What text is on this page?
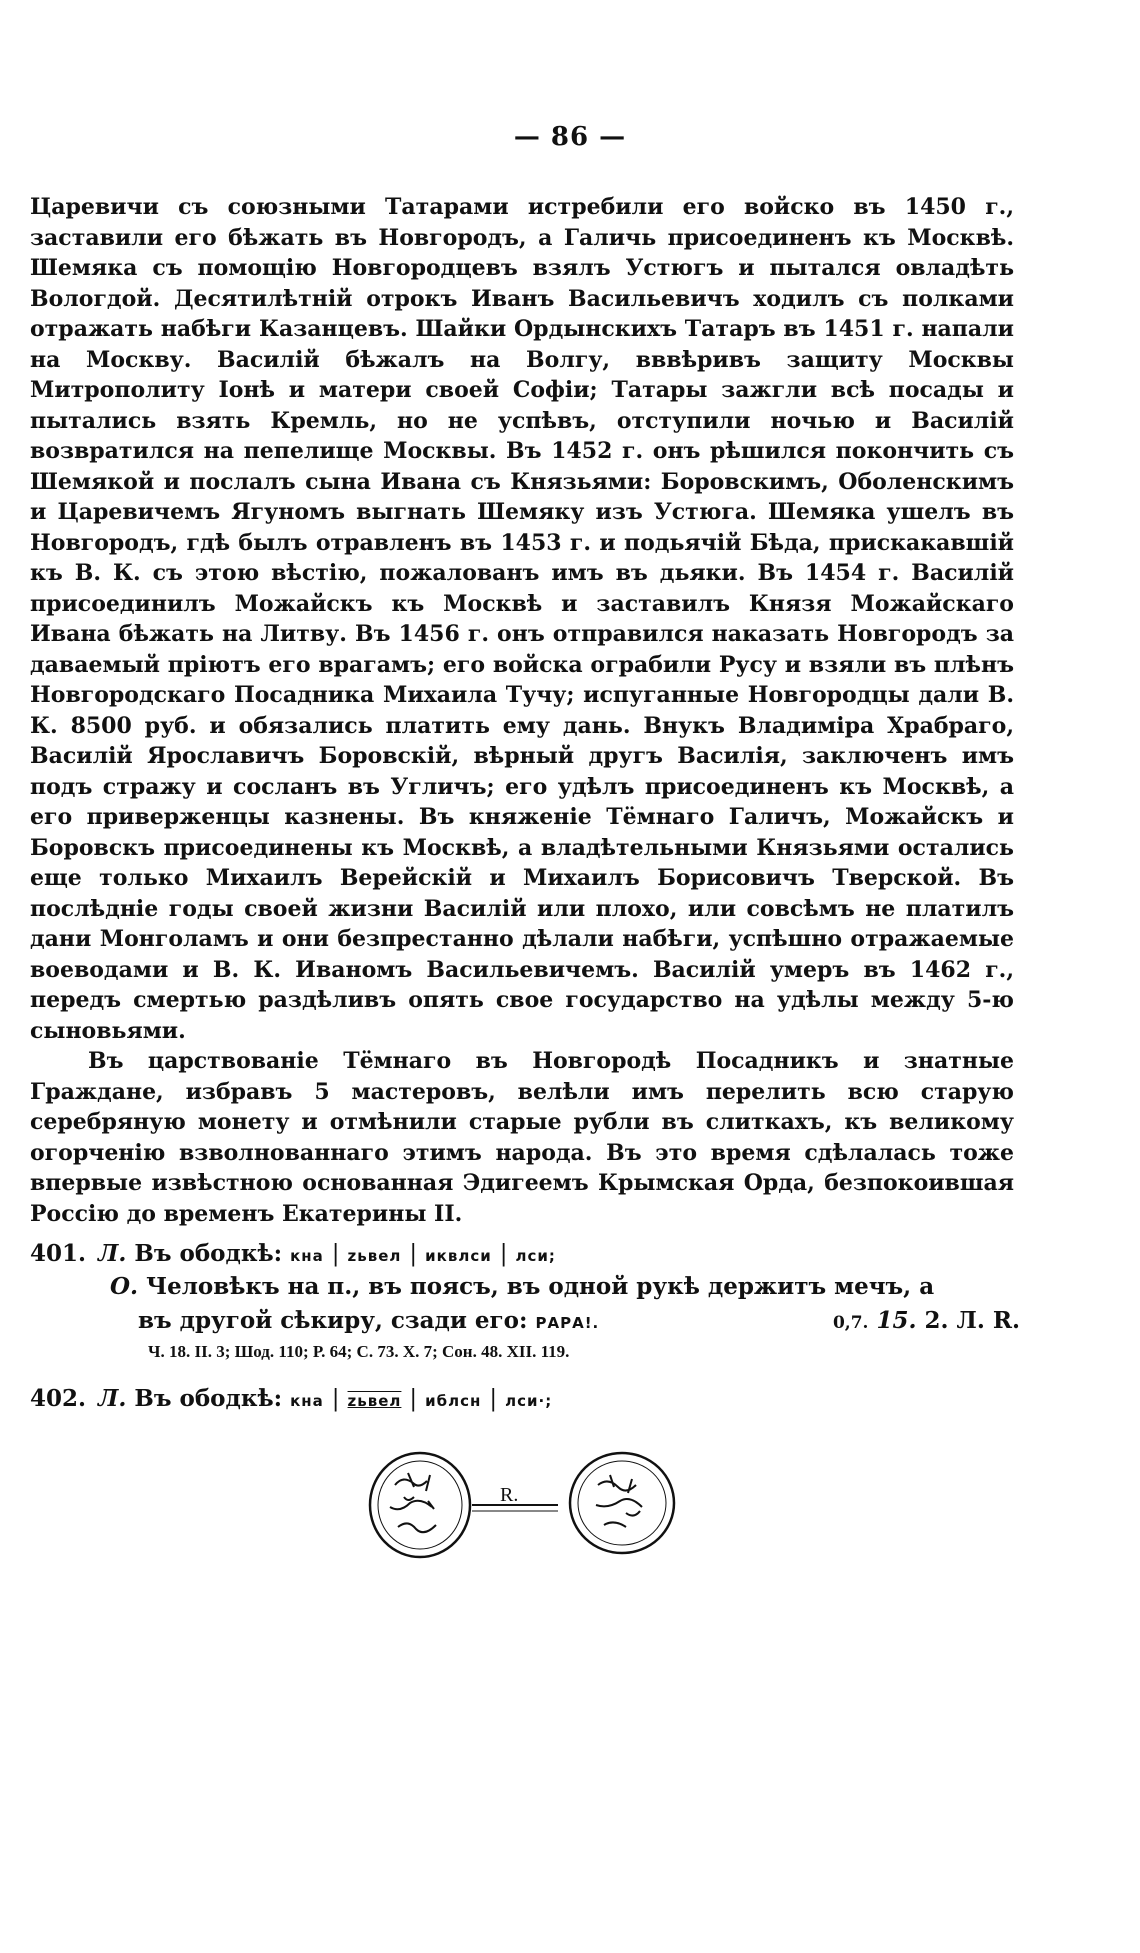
— 86 —

Царевичи съ союзными Татарами истребили его войско въ 1450 г., заставили его бѣжать въ Новгородъ, а Галичь присоединенъ къ Москвѣ. Шемяка съ помощію Новгородцевъ взялъ Устюгъ и пытался овладѣть Вологдой. Десятилѣтній отрокъ Иванъ Васильевичъ ходилъ съ полками отражать набѣги Казанцевъ. Шайки Ордынскихъ Татаръ въ 1451 г. напали на Москву. Василій бѣжалъ на Волгу, вввѣривъ защиту Москвы Митрополиту Іонѣ и матери своей Софіи; Татары зажгли всѣ посады и пытались взять Кремль, но не успѣвъ, отступили ночью и Василій возвратился на пепелище Москвы. Въ 1452 г. онъ рѣшился покончить съ Шемякой и послалъ сына Ивана съ Князьями: Боровскимъ, Оболенскимъ и Царевичемъ Ягуномъ выгнать Шемяку изъ Устюга. Шемяка ушелъ въ Новгородъ, гдѣ былъ отравленъ въ 1453 г. и подьячій Бѣда, прискакавшій къ В. К. съ этою вѣстію, пожалованъ имъ въ дьяки. Въ 1454 г. Василій присоединилъ Можайскъ къ Москвѣ и заставилъ Князя Можайскаго Ивана бѣжать на Литву. Въ 1456 г. онъ отправился наказать Новгородъ за даваемый пріютъ его врагамъ; его войска ограбили Русу и взяли въ плѣнъ Новгородскаго Посадника Михаила Тучу; испуганные Новгородцы дали В. К. 8500 руб. и обязались платить ему дань. Внукъ Владиміра Храбраго, Василій Ярославичъ Боровскій, вѣрный другъ Василія, заключенъ имъ подъ стражу и сосланъ въ Угличъ; его удѣлъ присоединенъ къ Москвѣ, а его приверженцы казнены. Въ княженіе Тёмнаго Галичъ, Можайскъ и Боровскъ присоединены къ Москвѣ, а владѣтельными Князьями остались еще только Михаилъ Верейскій и Михаилъ Борисовичъ Тверской. Въ послѣдніе годы своей жизни Василій или плохо, или совсѣмъ не платилъ дани Монголамъ и они безпрестанно дѣлали набѣги, успѣшно отражаемые воеводами и В. К. Иваномъ Васильевичемъ. Василій умеръ въ 1462 г., передъ смертью раздѣливъ опять свое государство на удѣлы между 5-ю сыновьями.

Въ царствованіе Тёмнаго въ Новгородѣ Посадникъ и знатные Граждане, избравъ 5 мастеровъ, велѣли имъ перелить всю старую серебряную монету и отмѣнили старые рубли въ слиткахъ, къ великому огорченію взволнованнаго этимъ народа. Въ это время сдѣлалась тоже впервые извѣстною основанная Эдигеемъ Крымская Орда, безпокоившая Россію до временъ Екатерины II.

401. Л. Въ ободкѣ: кна | zьвел | иквлси | лси;
О. Человѣкъ на п., въ поясъ, въ одной рукѣ держитъ мечъ, а
въ другой сѣкиру, сзади его: РАРА!.	0,7. 15. 2. Л. R.
Ч. 18. II. 3; Шод. 110; Р. 64; С. 73. Х. 7; Сон. 48. XII. 119.
402. Л. Въ ободкѣ: кна | zьвел | иблсн | лси·;
R.
